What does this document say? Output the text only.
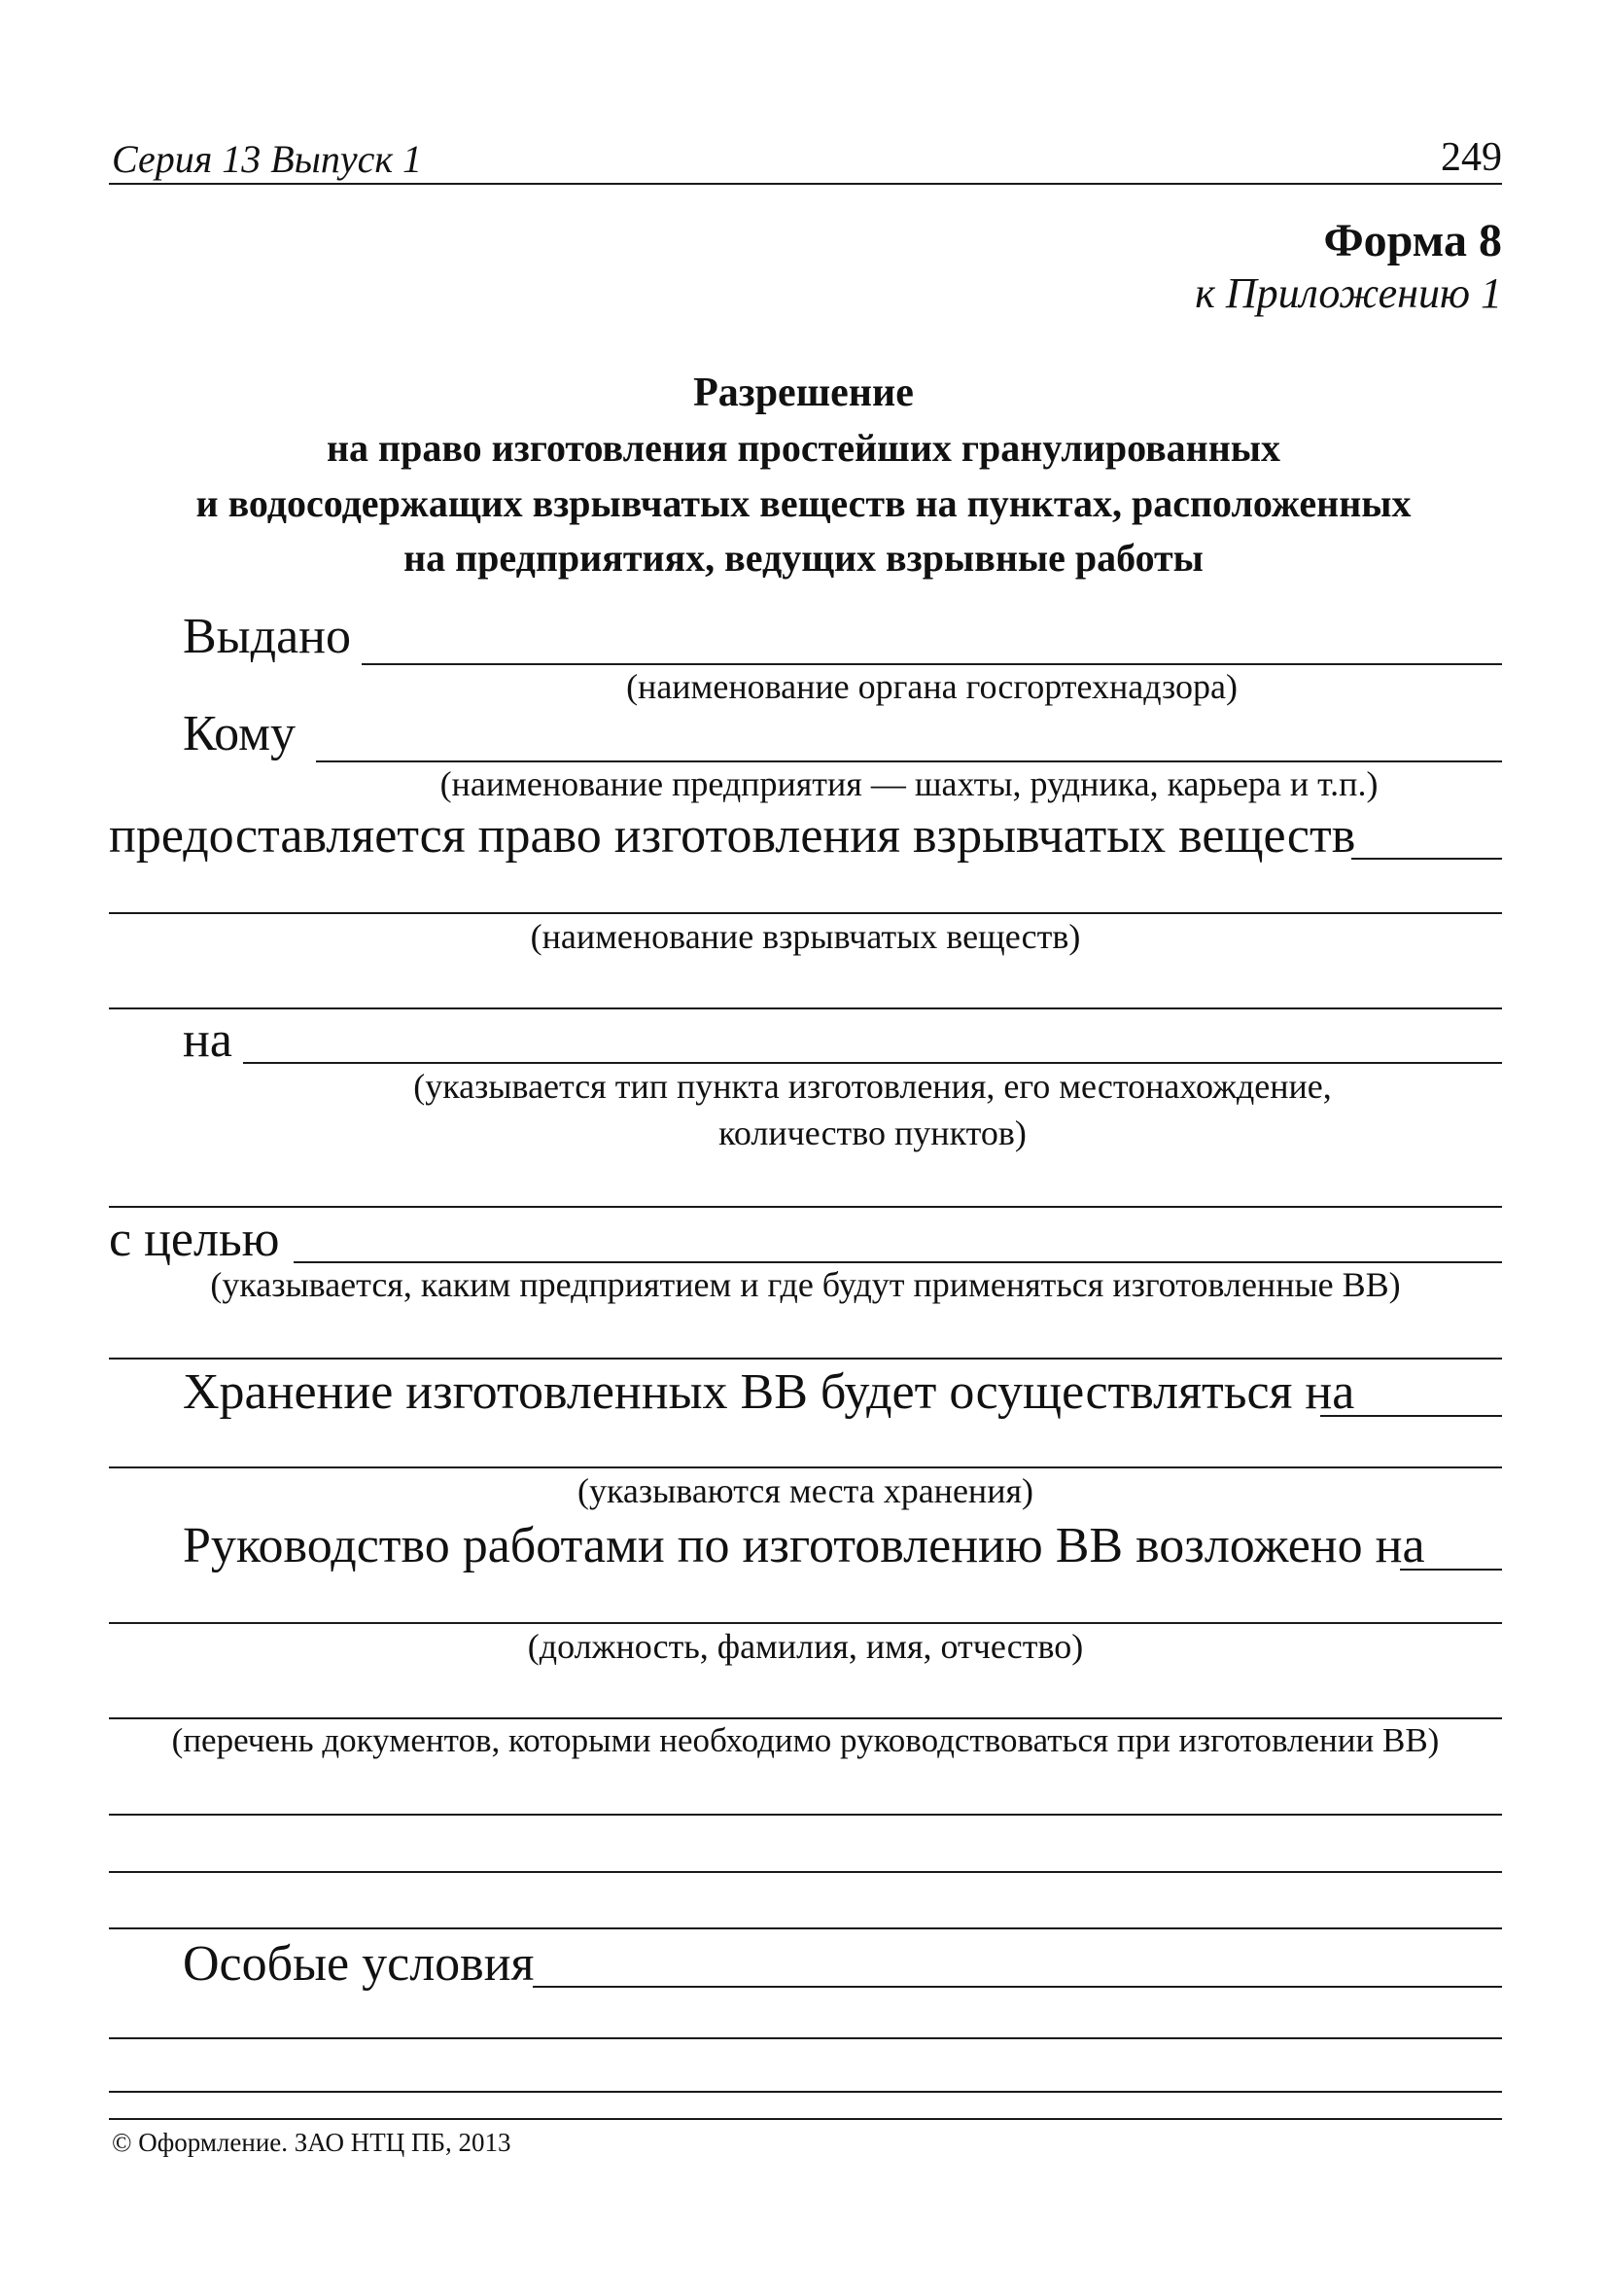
Серия 13 Выпуск 1	249
Форма 8
к Приложению 1
Разрешение
на право изготовления простейших гранулированных
и водосодержащих взрывчатых веществ на пунктах, расположенных
на предприятиях, ведущих взрывные работы
Выдано
(наименование органа госгортехнадзора)
Кому
(наименование предприятия — шахты, рудника, карьера и т.п.)
предоставляется право изготовления взрывчатых веществ
(наименование взрывчатых веществ)
на
(указывается тип пункта изготовления, его местонахождение,
количество пунктов)
с целью
(указывается, каким предприятием и где будут применяться изготовленные ВВ)
Хранение изготовленных ВВ будет осуществляться на
(указываются места хранения)
Руководство работами по изготовлению ВВ возложено на
(должность, фамилия, имя, отчество)
(перечень документов, которыми необходимо руководствоваться при изготовлении ВВ)
Особые условия
© Оформление. ЗАО НТЦ ПБ, 2013
